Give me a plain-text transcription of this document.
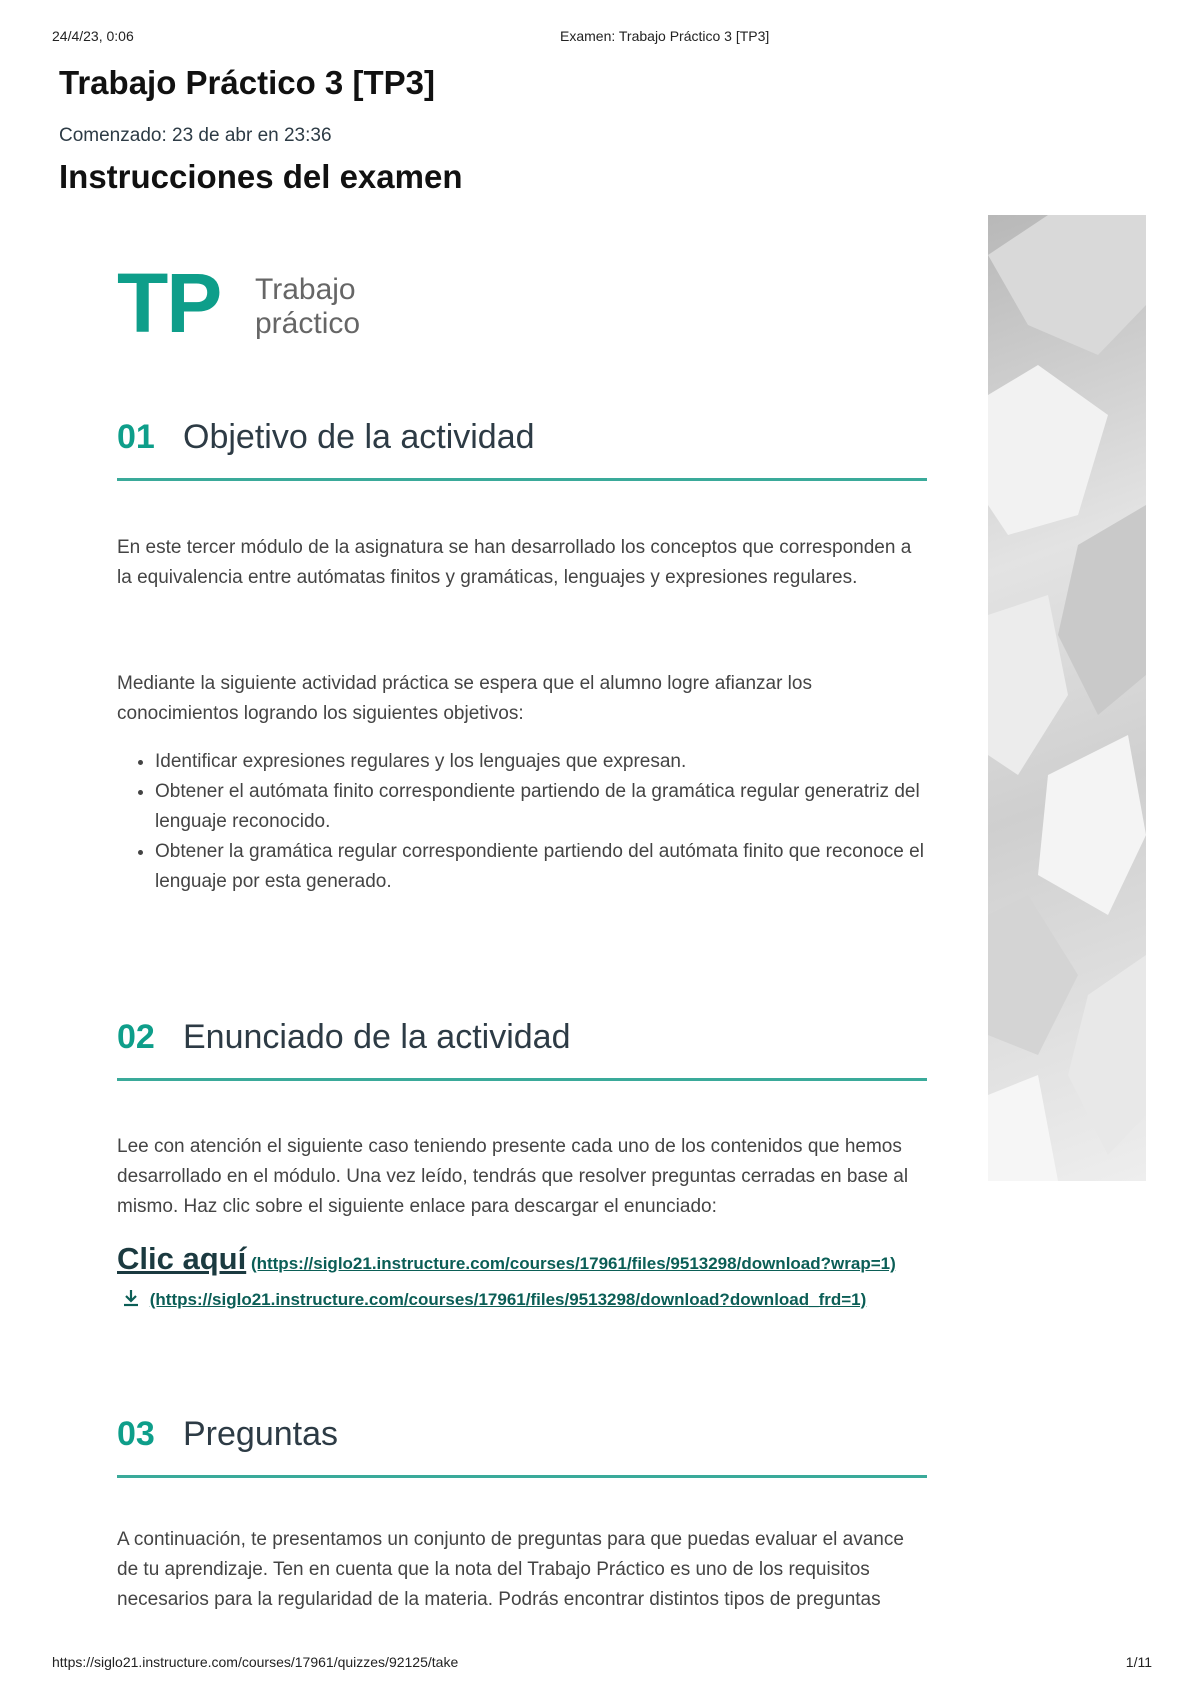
24/4/23, 0:06	Examen: Trabajo Práctico 3 [TP3]
Trabajo Práctico 3 [TP3]
Comenzado: 23 de abr en 23:36
Instrucciones del examen
TP Trabajo
práctico
01 Objetivo de la actividad

En este tercer módulo de la asignatura se han desarrollado los conceptos que corresponden a la equivalencia entre autómatas finitos y gramáticas, lenguajes y expresiones regulares.

Mediante la siguiente actividad práctica se espera que el alumno logre afianzar los conocimientos logrando los siguientes objetivos:

• Identificar expresiones regulares y los lenguajes que expresan.
• Obtener el autómata finito correspondiente partiendo de la gramática regular generatriz del lenguaje reconocido.
• Obtener la gramática regular correspondiente partiendo del autómata finito que reconoce el lenguaje por esta generado.
02 Enunciado de la actividad

Lee con atención el siguiente caso teniendo presente cada uno de los contenidos que hemos desarrollado en el módulo. Una vez leído, tendrás que resolver preguntas cerradas en base al mismo. Haz clic sobre el siguiente enlace para descargar el enunciado:

Clic aquí (https://siglo21.instructure.com/courses/17961/files/9513298/download?wrap=1)  (https://siglo21.instructure.com/courses/17961/files/9513298/download?download_frd=1)
03 Preguntas

A continuación, te presentamos un conjunto de preguntas para que puedas evaluar el avance de tu aprendizaje. Ten en cuenta que la nota del Trabajo Práctico es uno de los requisitos necesarios para la regularidad de la materia. Podrás encontrar distintos tipos de preguntas

https://siglo21.instructure.com/courses/17961/quizzes/92125/take	1/11
